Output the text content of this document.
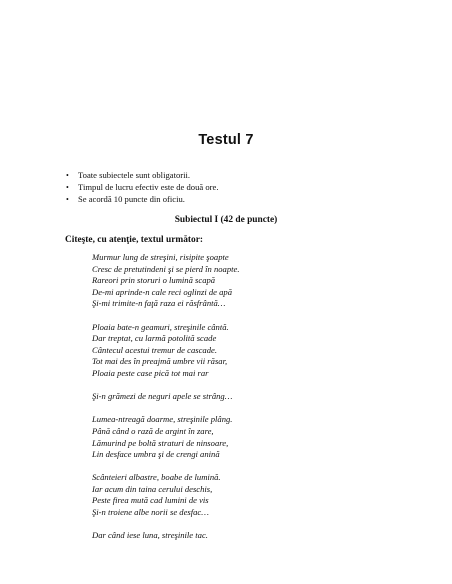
Testul 7
• Toate subiectele sunt obligatorii.
• Timpul de lucru efectiv este de două ore.
• Se acordă 10 puncte din oficiu.
Subiectul I (42 de puncte)
Citeşte, cu atenţie, textul următor:
Murmur lung de streşini, risipite şoapte
Cresc de pretutindeni şi se pierd în noapte.
Rareori prin storuri o lumină scapă
De-mi aprinde-n cale reci oglinzi de apă
Şi-mi trimite-n faţă raza ei răsfrântă…
Ploaia bate-n geamuri, streşinile cântă.
Dar treptat, cu larmă potolită scade
Cântecul acestui tremur de cascade.
Tot mai des în preajmă umbre vii răsar,
Ploaia peste case pică tot mai rar
Şi-n grămezi de neguri apele se strâng…
Lumea-ntreagă doarme, streşinile plâng.
Până când o rază de argint în zare,
Lămurind pe boltă straturi de ninsoare,
Lin desface umbra şi de crengi anină
Scânteieri albastre, boabe de lumină.
Iar acum din taina cerului deschis,
Peste firea mută cad lumini de vis
Şi-n troiene albe norii se desfac…
Dar când iese luna, streşinile tac.
